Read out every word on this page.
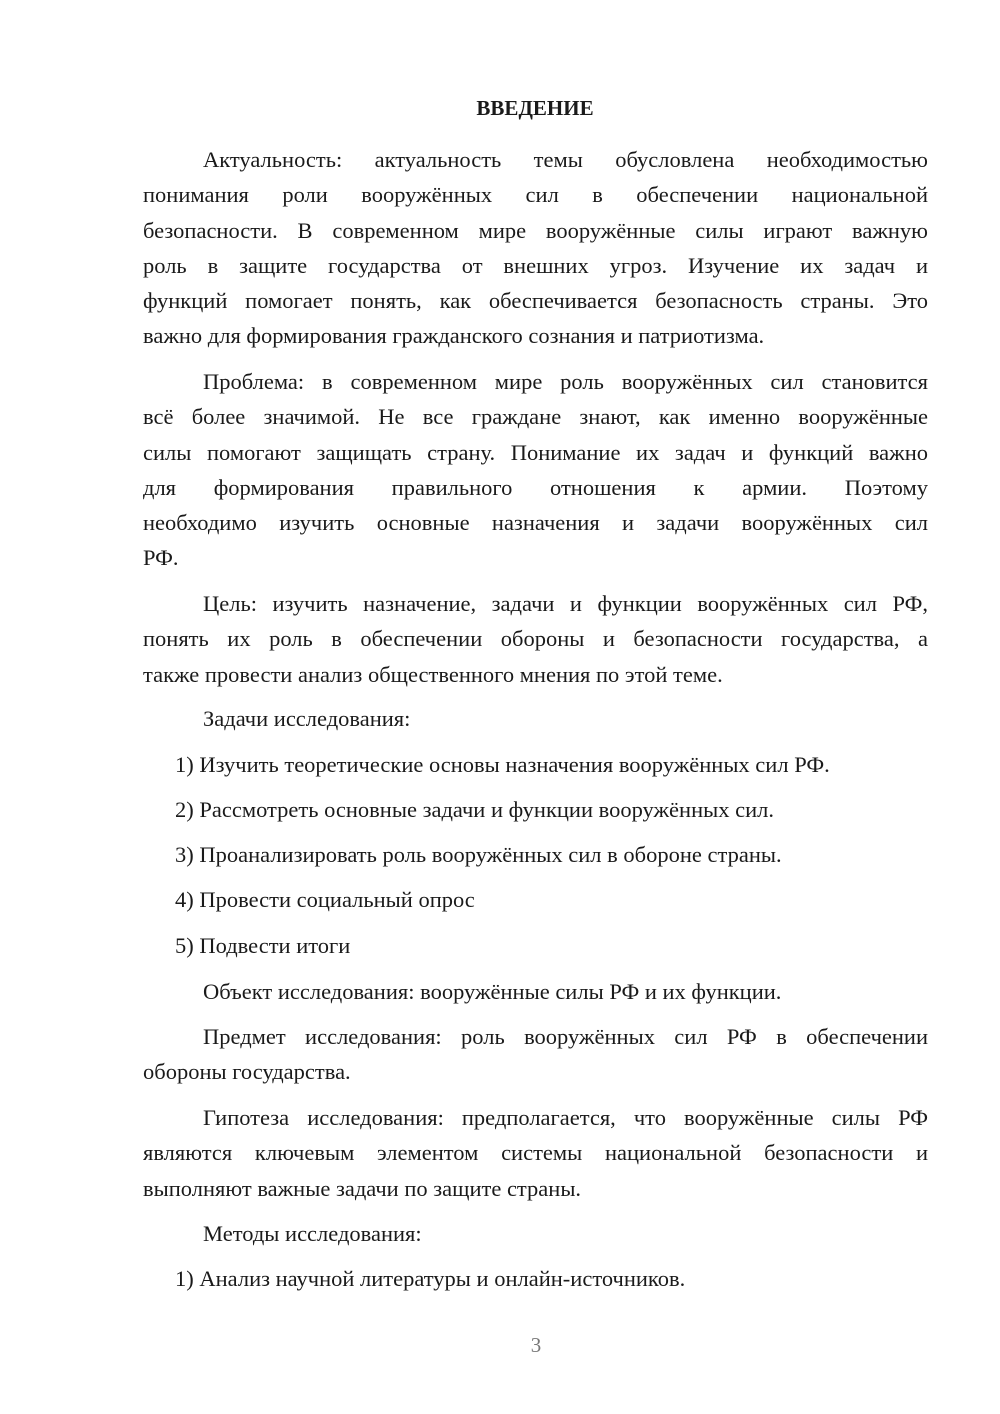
ВВЕДЕНИЕ
Актуальность: актуальность темы обусловлена необходимостью
понимания роли вооружённых сил в обеспечении национальной
безопасности. В современном мире вооружённые силы играют важную
роль в защите государства от внешних угроз. Изучение их задач и
функций помогает понять, как обеспечивается безопасность страны. Это
важно для формирования гражданского сознания и патриотизма.
Проблема: в современном мире роль вооружённых сил становится
всё более значимой. Не все граждане знают, как именно вооружённые
силы помогают защищать страну. Понимание их задач и функций важно
для формирования правильного отношения к армии. Поэтому
необходимо изучить основные назначения и задачи вооружённых сил
РФ.
Цель: изучить назначение, задачи и функции вооружённых сил РФ,
понять их роль в обеспечении обороны и безопасности государства, а
также провести анализ общественного мнения по этой теме.
Задачи исследования:
1) Изучить теоретические основы назначения вооружённых сил РФ.
2) Рассмотреть основные задачи и функции вооружённых сил.
3) Проанализировать роль вооружённых сил в обороне страны.
4) Провести социальный опрос
5) Подвести итоги
Объект исследования: вооружённые силы РФ и их функции.
Предмет исследования: роль вооружённых сил РФ в обеспечении
обороны государства.
Гипотеза исследования: предполагается, что вооружённые силы РФ
являются ключевым элементом системы национальной безопасности и
выполняют важные задачи по защите страны.
Методы исследования:
1) Анализ научной литературы и онлайн-источников.
3
